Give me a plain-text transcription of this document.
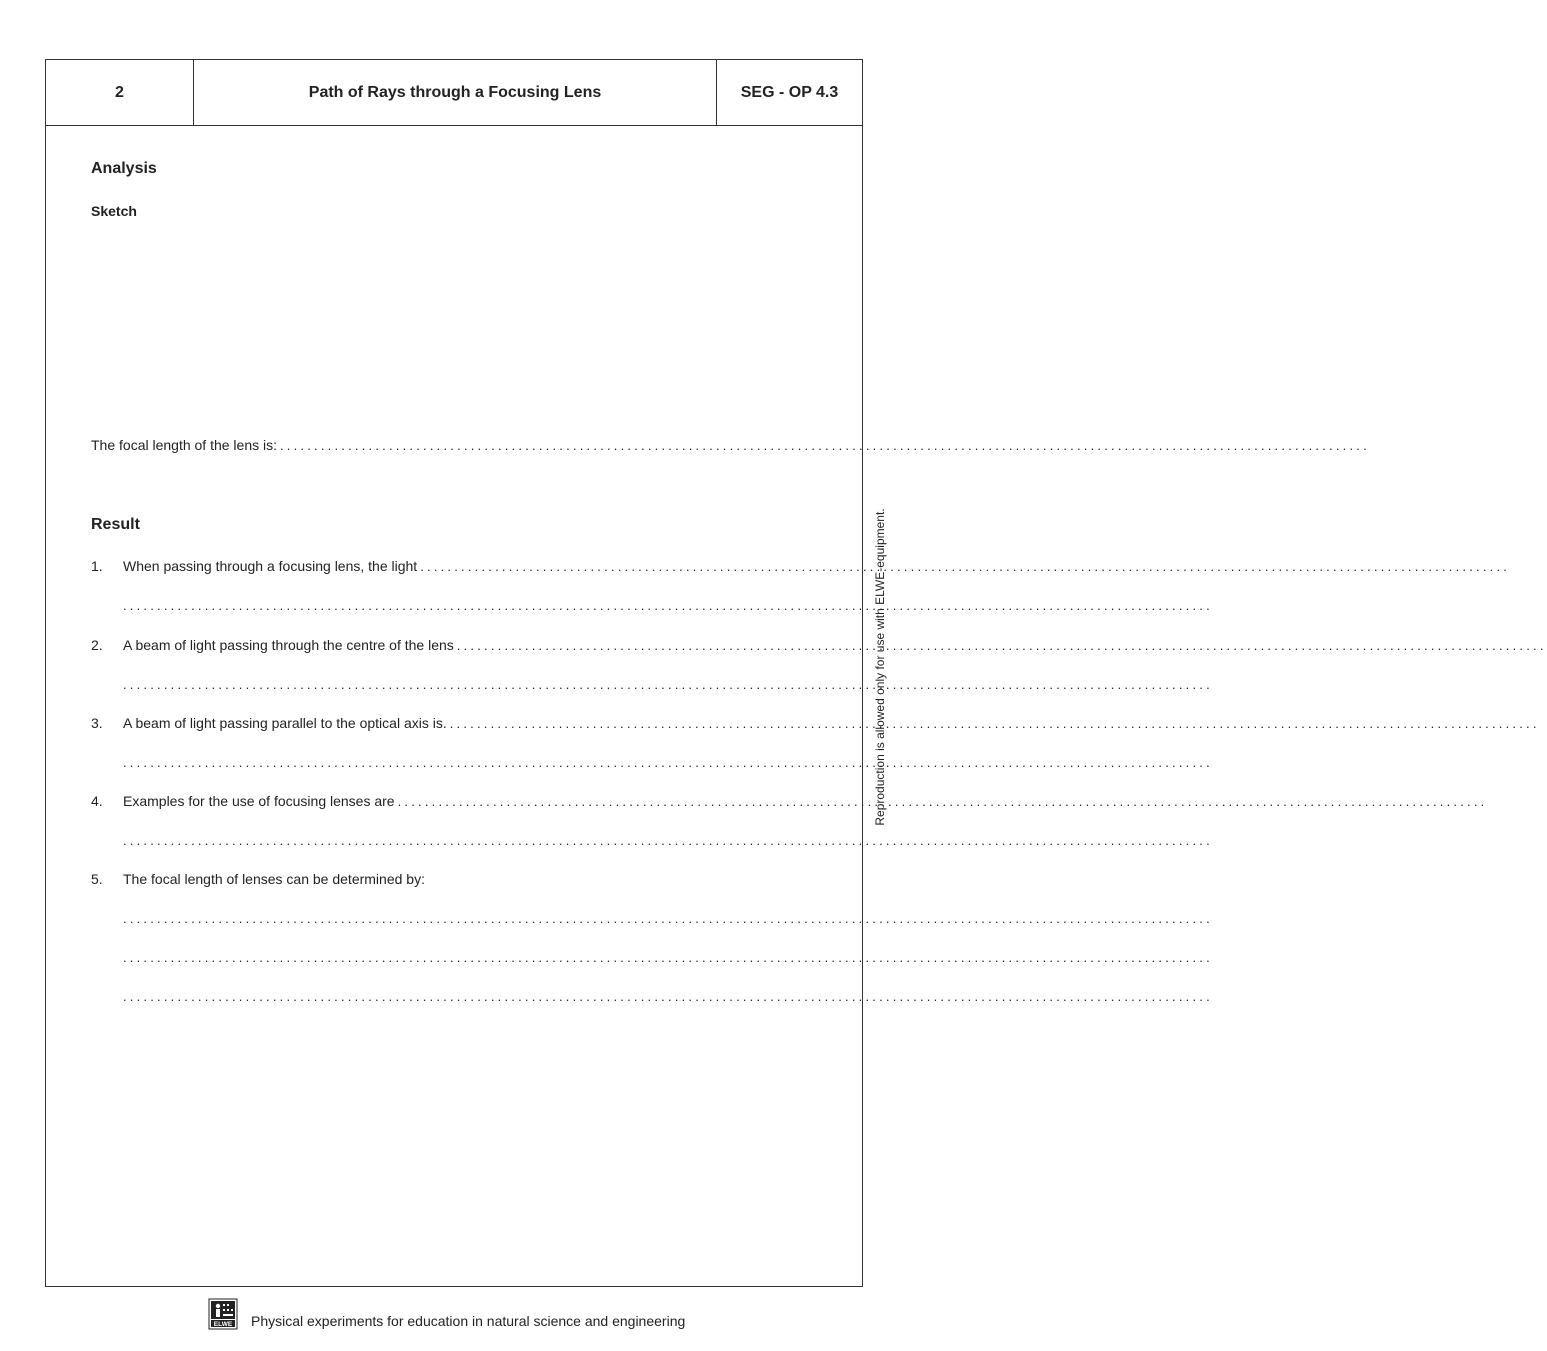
2	Path of Rays through a Focusing Lens	SEG - OP 4.3
Analysis
Sketch
The focal length of the lens is: ................................................................................................................................................................
Result
1. When passing through a focusing lens, the light ................................................................................................................................................................
................................................................................................................................................................
2. A beam of light passing through the centre of the lens ................................................................................................................................................................
................................................................................................................................................................
3. A beam of light passing parallel to the optical axis is. ................................................................................................................................................................
................................................................................................................................................................
4. Examples for the use of focusing lenses are ................................................................................................................................................................
................................................................................................................................................................
5. The focal length of lenses can be determined by:
................................................................................................................................................................
................................................................................................................................................................
................................................................................................................................................................
Reproduction is allowed only for use with ELWE-equipment.
ELWE Physical experiments for education in natural science and engineering
